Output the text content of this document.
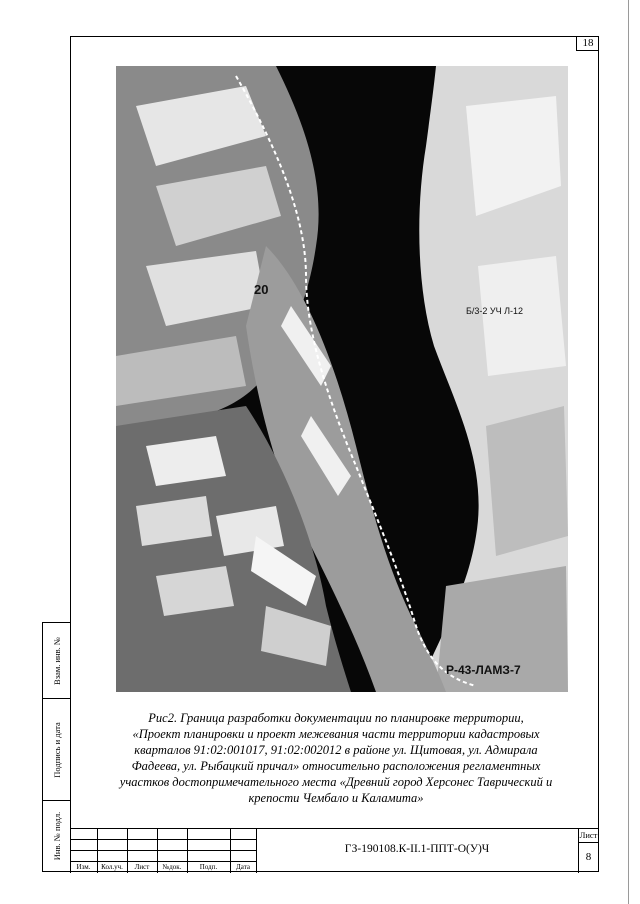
18
20
Б/3-2 УЧ Л-12
Р-43-ЛАМЗ-7
Рис2. Граница разработки документации по планировке территории,
«Проект планировки и проект межевания части территории кадастровых
кварталов 91:02:001017, 91:02:002012 в районе ул. Щитовая, ул. Адмирала
Фадеева, ул. Рыбацкий причал» относительно расположения регламентных
участков достопримечательного места «Древний город Херсонес Таврический и
крепости Чембало и Каламита»
Взам. инв. №
Подпись и дата
Инв. № подл.
Изм.	Кол.уч.	Лист	№док.	Подп.	Дата
ГЗ-190108.К-II.1-ППТ-О(У)Ч
Лист
8
